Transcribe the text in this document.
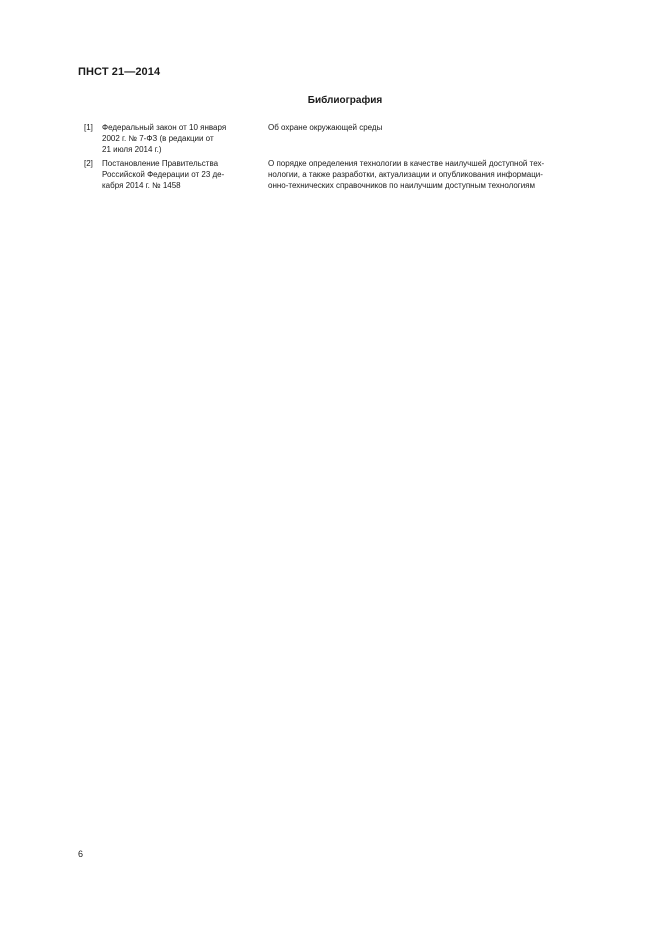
ПНСТ 21—2014
Библиография
[1]	Федеральный закон от 10 января
2002 г. № 7-ФЗ (в редакции от
21 июля 2014 г.)
Об охране окружающей среды
[2]	Постановление Правительства
Российской Федерации от 23 де-
кабря 2014 г. № 1458
О порядке определения технологии в качестве наилучшей доступной тех-
нологии, а также разработки, актуализации и опубликования информаци-
онно-технических справочников по наилучшим доступным технологиям
6
